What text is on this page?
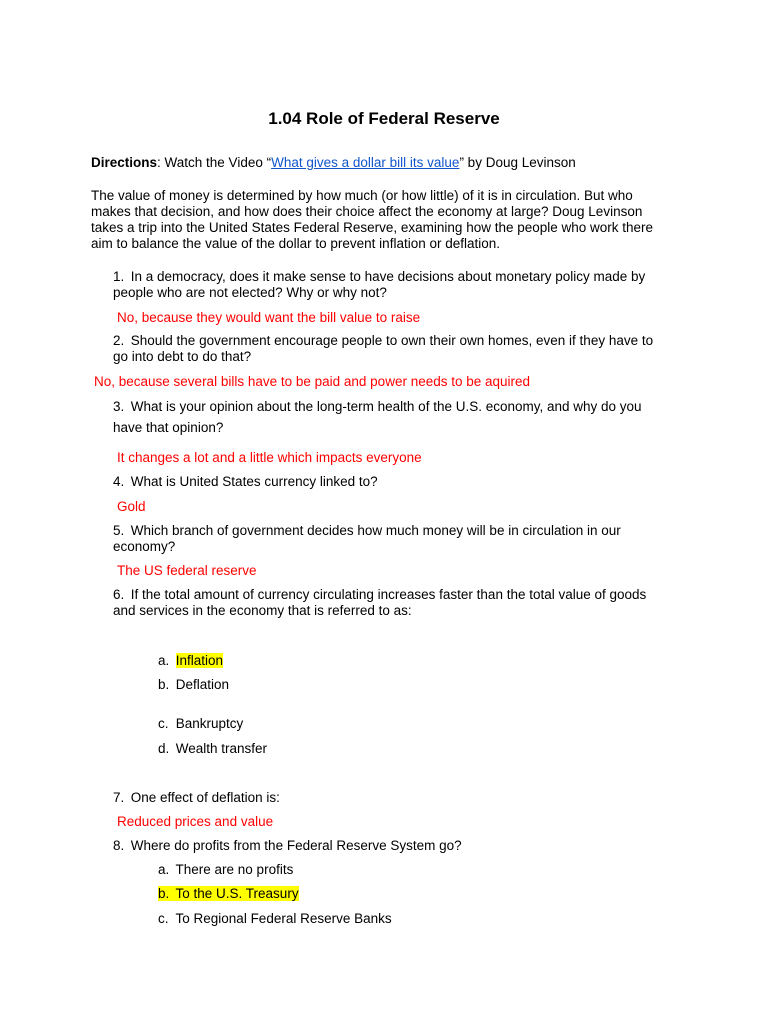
1.04 Role of Federal Reserve
Directions: Watch the Video “What gives a dollar bill its value” by Doug Levinson
The value of money is determined by how much (or how little) of it is in circulation. But who
makes that decision, and how does their choice affect the economy at large? Doug Levinson
takes a trip into the United States Federal Reserve, examining how the people who work there
aim to balance the value of the dollar to prevent inflation or deflation.
1. In a democracy, does it make sense to have decisions about monetary policy made by
people who are not elected? Why or why not?
No, because they would want the bill value to raise
2. Should the government encourage people to own their own homes, even if they have to
go into debt to do that?
No, because several bills have to be paid and power needs to be aquired
3. What is your opinion about the long-term health of the U.S. economy, and why do you
have that opinion?
It changes a lot and a little which impacts everyone
4. What is United States currency linked to?
Gold
5. Which branch of government decides how much money will be in circulation in our
economy?
The US federal reserve
6. If the total amount of currency circulating increases faster than the total value of goods
and services in the economy that is referred to as:
a. Inflation
b. Deflation
c. Bankruptcy
d. Wealth transfer
7. One effect of deflation is:
Reduced prices and value
8. Where do profits from the Federal Reserve System go?
a. There are no profits
b. To the U.S. Treasury
c. To Regional Federal Reserve Banks
